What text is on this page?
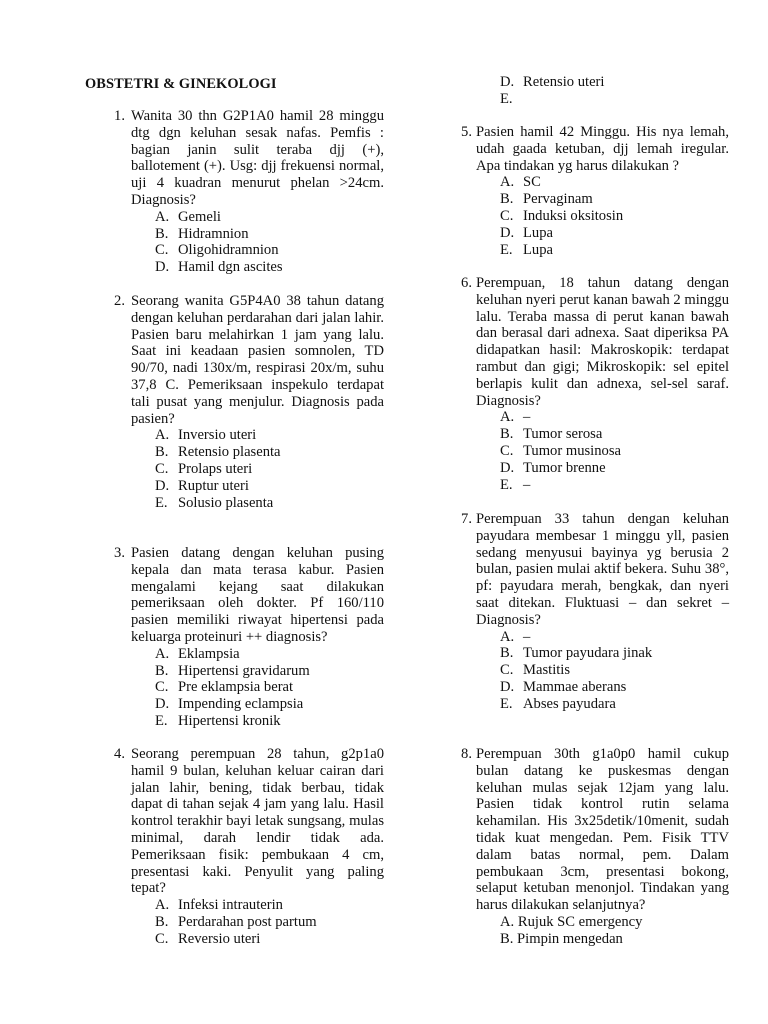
OBSTETRI & GINEKOLOGI
1. Wanita 30 thn G2P1A0 hamil 28 minggu dtg dgn keluhan sesak nafas. Pemfis : bagian janin sulit teraba djj (+), ballotement (+). Usg: djj frekuensi normal, uji 4 kuadran menurut phelan >24cm. Diagnosis?
A. Gemeli
B. Hidramnion
C. Oligohidramnion
D. Hamil dgn ascites
2. Seorang wanita G5P4A0 38 tahun datang dengan keluhan perdarahan dari jalan lahir. Pasien baru melahirkan 1 jam yang lalu. Saat ini keadaan pasien somnolen, TD 90/70, nadi 130x/m, respirasi 20x/m, suhu 37,8 C. Pemeriksaan inspekulo terdapat tali pusat yang menjulur. Diagnosis pada pasien?
A. Inversio uteri
B. Retensio plasenta
C. Prolaps uteri
D. Ruptur uteri
E. Solusio plasenta
3. Pasien datang dengan keluhan pusing kepala dan mata terasa kabur. Pasien mengalami kejang saat dilakukan pemeriksaan oleh dokter. Pf 160/110 pasien memiliki riwayat hipertensi pada keluarga proteinuri ++ diagnosis?
A. Eklampsia
B. Hipertensi gravidarum
C. Pre eklampsia berat
D. Impending eclampsia
E. Hipertensi kronik
4. Seorang perempuan 28 tahun, g2p1a0 hamil 9 bulan, keluhan keluar cairan dari jalan lahir, bening, tidak berbau, tidak dapat di tahan sejak 4 jam yang lalu. Hasil kontrol terakhir bayi letak sungsang, mulas minimal, darah lendir tidak ada. Pemeriksaan fisik: pembukaan 4 cm, presentasi kaki. Penyulit yang paling tepat?
A. Infeksi intrauterin
B. Perdarahan post partum
C. Reversio uteri
D. Retensio uteri
E.
5. Pasien hamil 42 Minggu. His nya lemah, udah gaada ketuban, djj lemah iregular. Apa tindakan yg harus dilakukan ?
A. SC
B. Pervaginam
C. Induksi oksitosin
D. Lupa
E. Lupa
6. Perempuan, 18 tahun datang dengan keluhan nyeri perut kanan bawah 2 minggu lalu. Teraba massa di perut kanan bawah dan berasal dari adnexa. Saat diperiksa PA didapatkan hasil: Makroskopik: terdapat rambut dan gigi; Mikroskopik: sel epitel berlapis kulit dan adnexa, sel-sel saraf. Diagnosis?
A. –
B. Tumor serosa
C. Tumor musinosa
D. Tumor brenne
E. –
7. Perempuan 33 tahun dengan keluhan payudara membesar 1 minggu yll, pasien sedang menyusui bayinya yg berusia 2 bulan, pasien mulai aktif bekera. Suhu 38°, pf: payudara merah, bengkak, dan nyeri saat ditekan. Fluktuasi – dan sekret – Diagnosis?
A. –
B. Tumor payudara jinak
C. Mastitis
D. Mammae aberans
E. Abses payudara
8. Perempuan 30th g1a0p0 hamil cukup bulan datang ke puskesmas dengan keluhan mulas sejak 12jam yang lalu. Pasien tidak kontrol rutin selama kehamilan. His 3x25detik/10menit, sudah tidak kuat mengedan. Pem. Fisik TTV dalam batas normal, pem. Dalam pembukaan 3cm, presentasi bokong, selaput ketuban menonjol. Tindakan yang harus dilakukan selanjutnya?
A. Rujuk SC emergency
B. Pimpin mengedan
